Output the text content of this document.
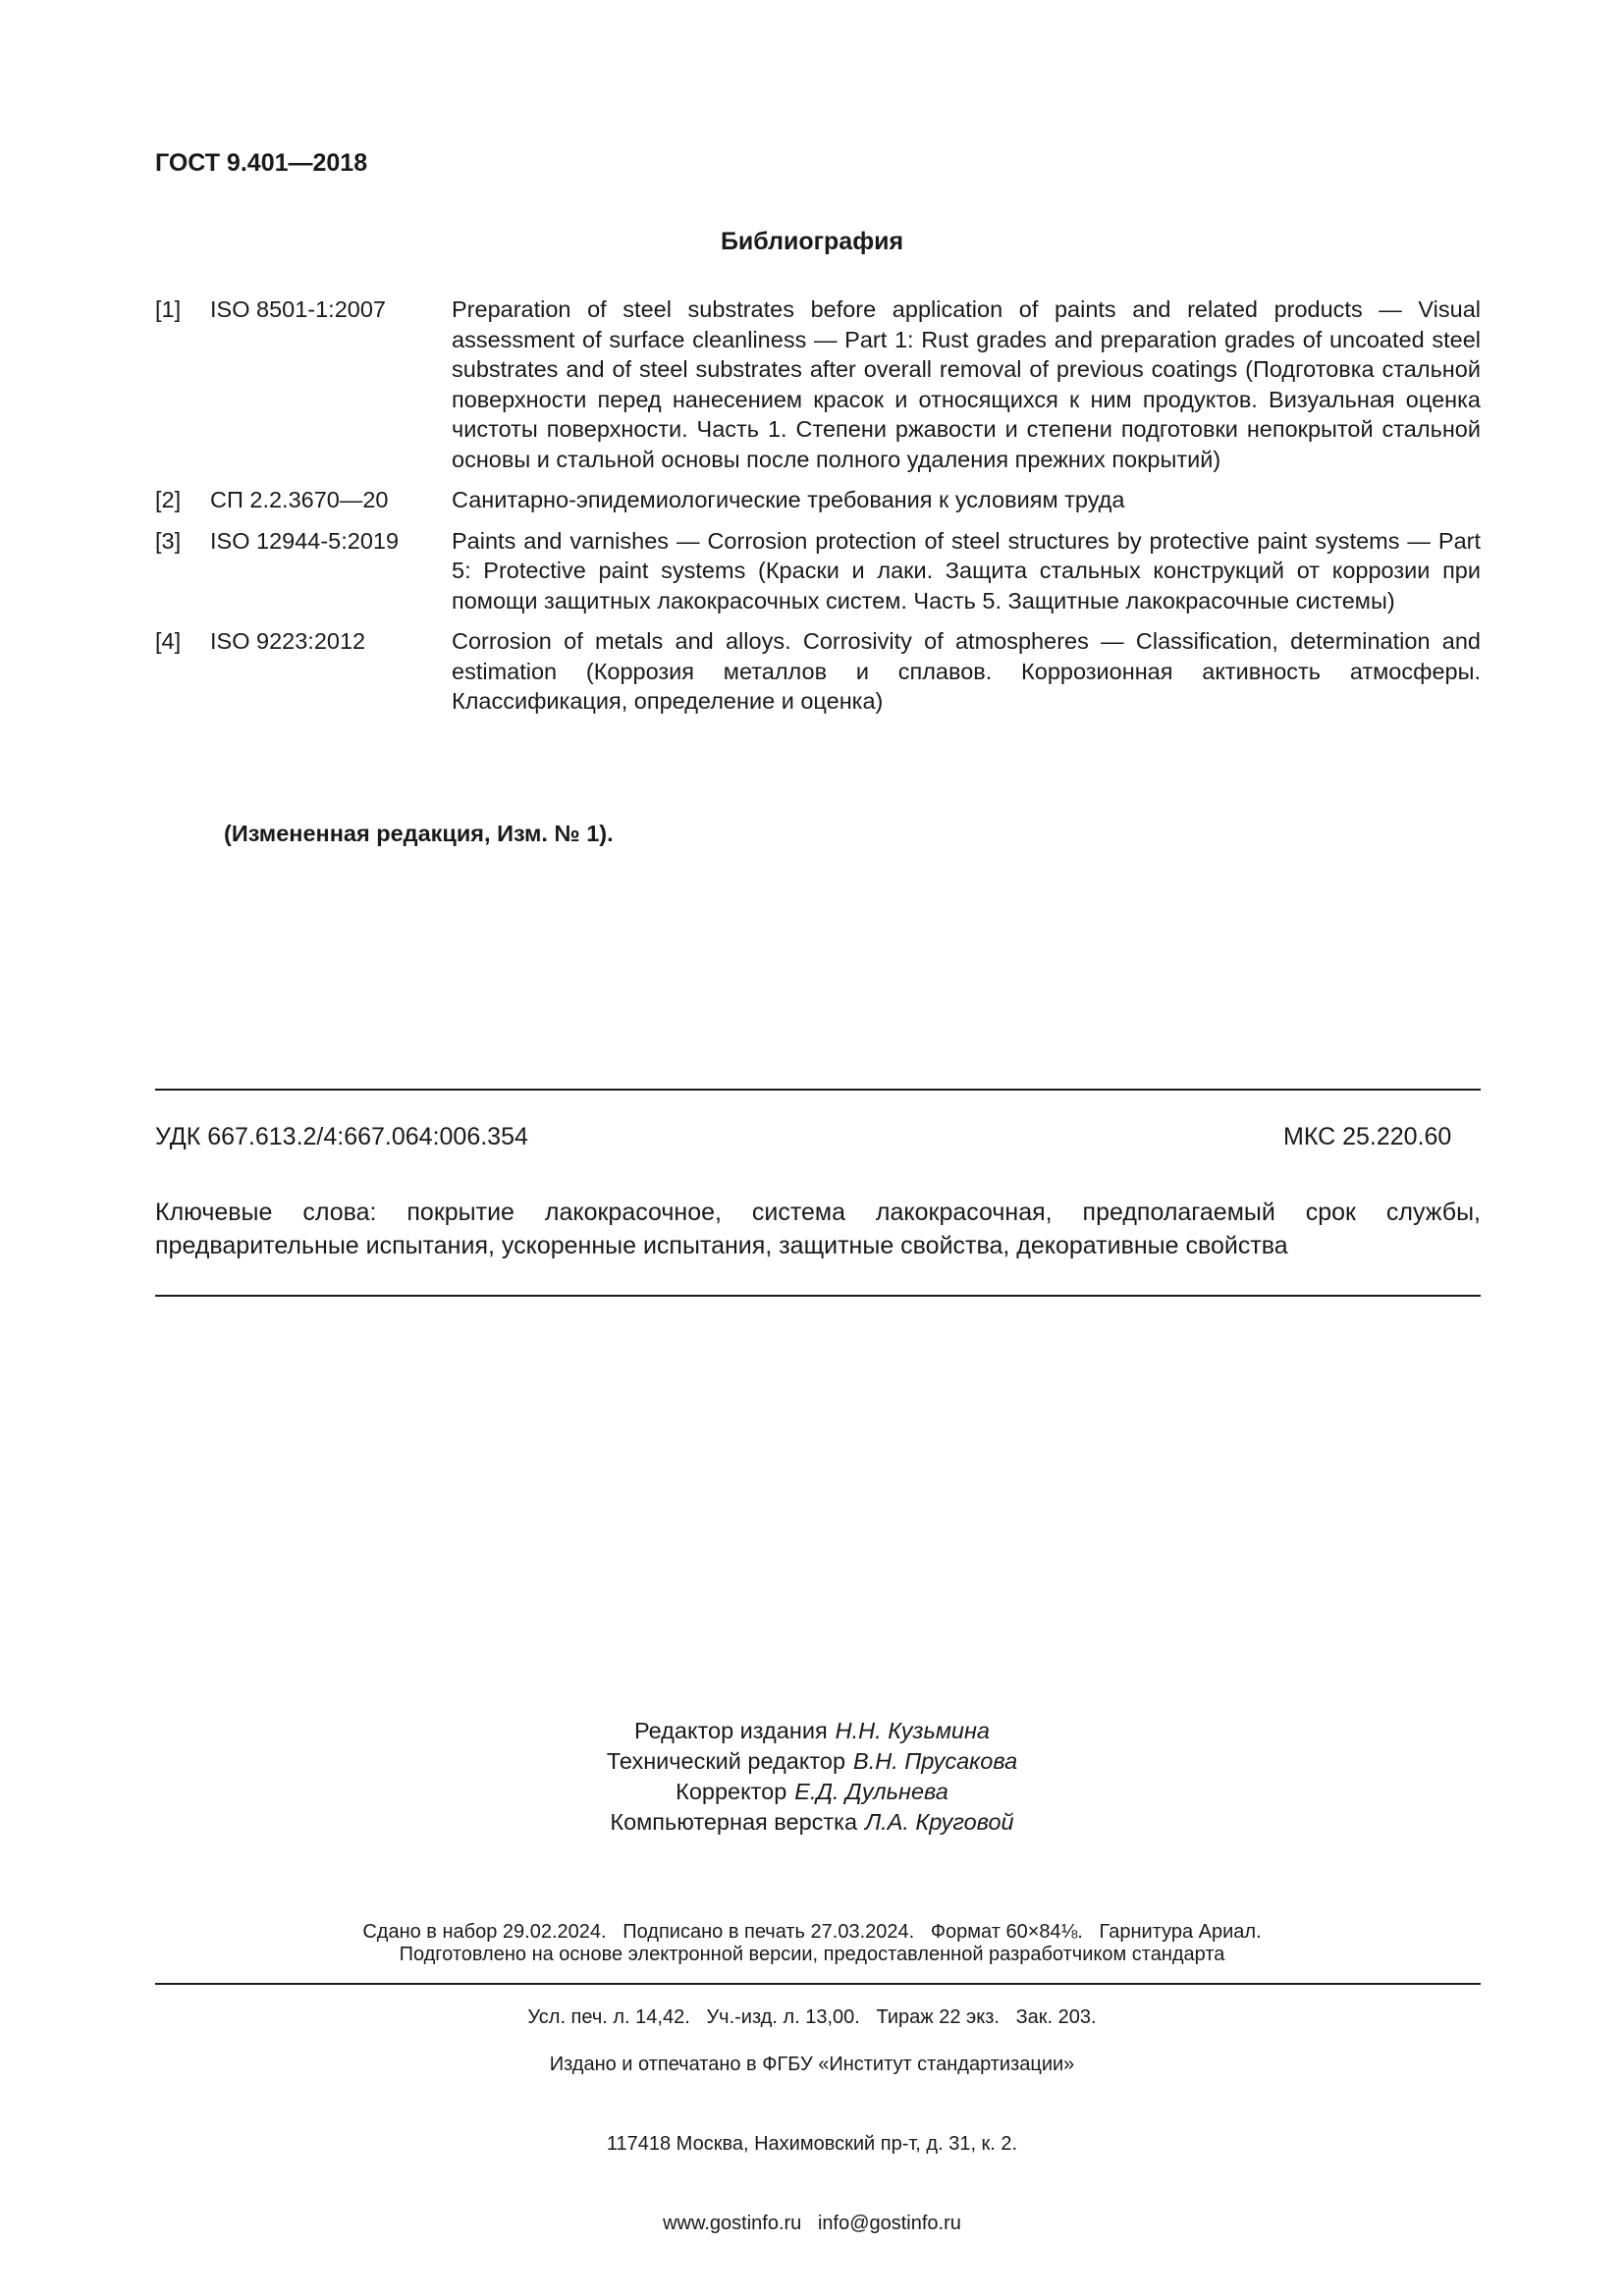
ГОСТ 9.401—2018
Библиография
[1]	ISO 8501-1:2007	Preparation of steel substrates before application of paints and related products — Visual assessment of surface cleanliness — Part 1: Rust grades and preparation grades of uncoated steel substrates and of steel substrates after overall removal of previous coatings (Подготовка стальной поверхности перед нанесением красок и относящихся к ним продуктов. Визуальная оценка чистоты поверхности. Часть 1. Степени ржавости и степени подготовки непокрытой стальной основы и стальной основы после полного удаления прежних покрытий)
[2]	СП 2.2.3670—20	Санитарно-эпидемиологические требования к условиям труда
[3]	ISO 12944-5:2019	Paints and varnishes — Corrosion protection of steel structures by protective paint systems — Part 5: Protective paint systems (Краски и лаки. Защита стальных конструкций от коррозии при помощи защитных лакокрасочных систем. Часть 5. Защитные лакокрасочные системы)
[4]	ISO 9223:2012	Corrosion of metals and alloys. Corrosivity of atmospheres — Classification, determination and estimation (Коррозия металлов и сплавов. Коррозионная активность атмосферы. Классификация, определение и оценка)
(Измененная редакция, Изм. № 1).
УДК 667.613.2/4:667.064:006.354	МКС 25.220.60
Ключевые слова: покрытие лакокрасочное, система лакокрасочная, предполагаемый срок службы, предварительные испытания, ускоренные испытания, защитные свойства, декоративные свойства
Редактор издания Н.Н. Кузьмина
Технический редактор В.Н. Прусакова
Корректор Е.Д. Дульнева
Компьютерная верстка Л.А. Круговой

Сдано в набор 29.02.2024.   Подписано в печать 27.03.2024.   Формат 60×84⅛.   Гарнитура Ариал.

Усл. печ. л. 14,42.   Уч.-изд. л. 13,00.   Тираж 22 экз.   Зак. 203.

Подготовлено на основе электронной версии, предоставленной разработчиком стандарта

Издано и отпечатано в ФГБУ «Институт стандартизации»

117418 Москва, Нахимовский пр-т, д. 31, к. 2.

www.gostinfo.ru   info@gostinfo.ru
